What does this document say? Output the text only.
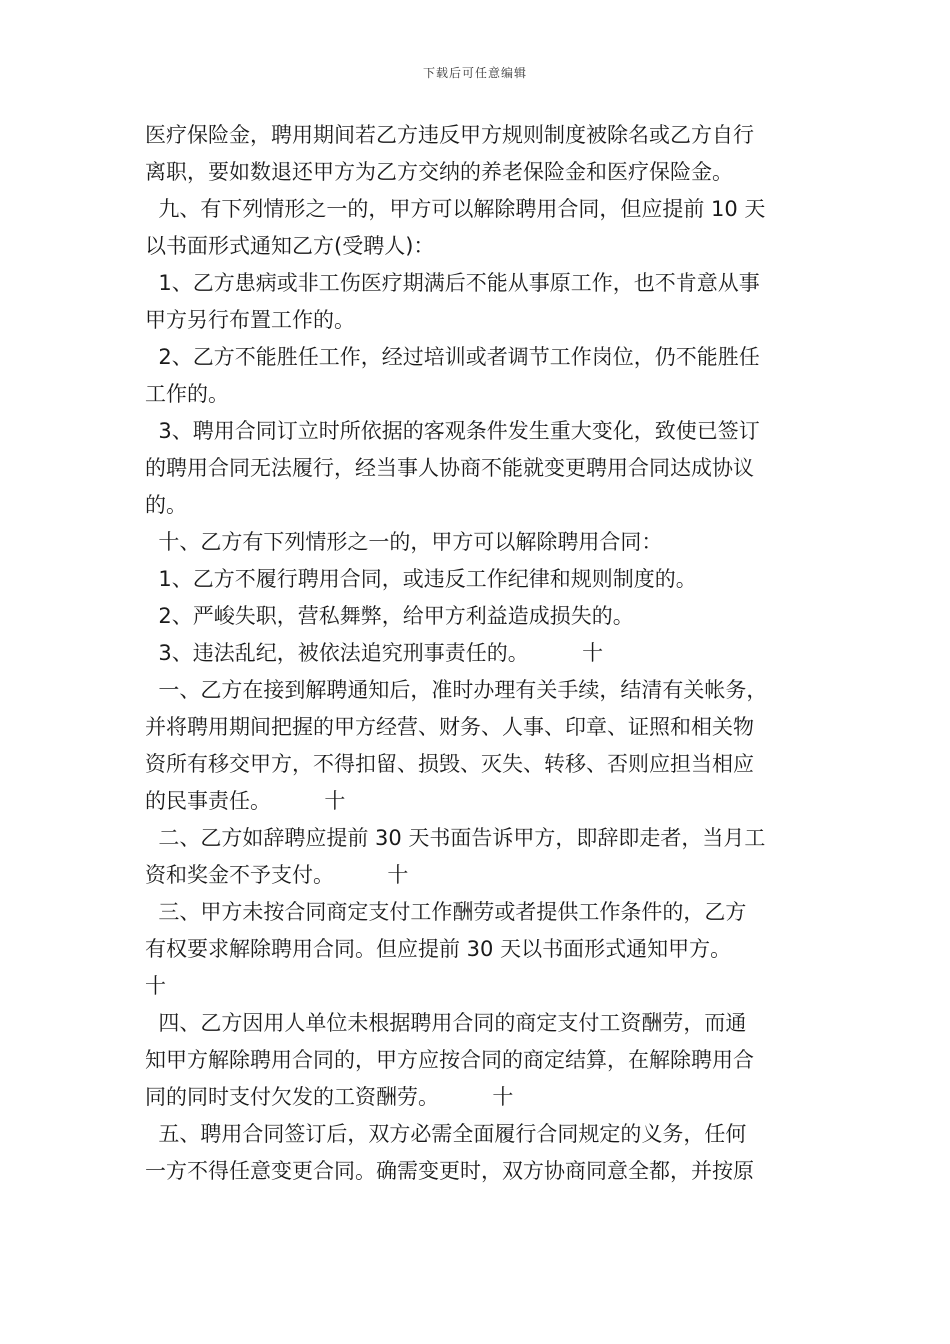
下载后可任意编辑
医疗保险金，聘用期间若乙方违反甲方规则制度被除名或乙方自行
离职，要如数退还甲方为乙方交纳的养老保险金和医疗保险金。
九、有下列情形之一的，甲方可以解除聘用合同，但应提前 10 天
以书面形式通知乙方(受聘人)：
1、乙方患病或非工伤医疗期满后不能从事原工作，也不肯意从事
甲方另行布置工作的。
2、乙方不能胜任工作，经过培训或者调节工作岗位，仍不能胜任
工作的。
3、聘用合同订立时所依据的客观条件发生重大变化，致使已签订
的聘用合同无法履行，经当事人协商不能就变更聘用合同达成协议
的。
十、乙方有下列情形之一的，甲方可以解除聘用合同：
1、乙方不履行聘用合同，或违反工作纪律和规则制度的。
2、严峻失职，营私舞弊，给甲方利益造成损失的。
3、违法乱纪，被依法追究刑事责任的。        十
一、乙方在接到解聘通知后，准时办理有关手续，结清有关帐务，
并将聘用期间把握的甲方经营、财务、人事、印章、证照和相关物
资所有移交甲方，不得扣留、损毁、灭失、转移、否则应担当相应
的民事责任。        十
二、乙方如辞聘应提前 30 天书面告诉甲方，即辞即走者，当月工
资和奖金不予支付。        十
三、甲方未按合同商定支付工作酬劳或者提供工作条件的，乙方
有权要求解除聘用合同。但应提前 30 天以书面形式通知甲方。
十
四、乙方因用人单位未根据聘用合同的商定支付工资酬劳，而通
知甲方解除聘用合同的，甲方应按合同的商定结算，在解除聘用合
同的同时支付欠发的工资酬劳。        十
五、聘用合同签订后，双方必需全面履行合同规定的义务，任何
一方不得任意变更合同。确需变更时，双方协商同意全都，并按原
